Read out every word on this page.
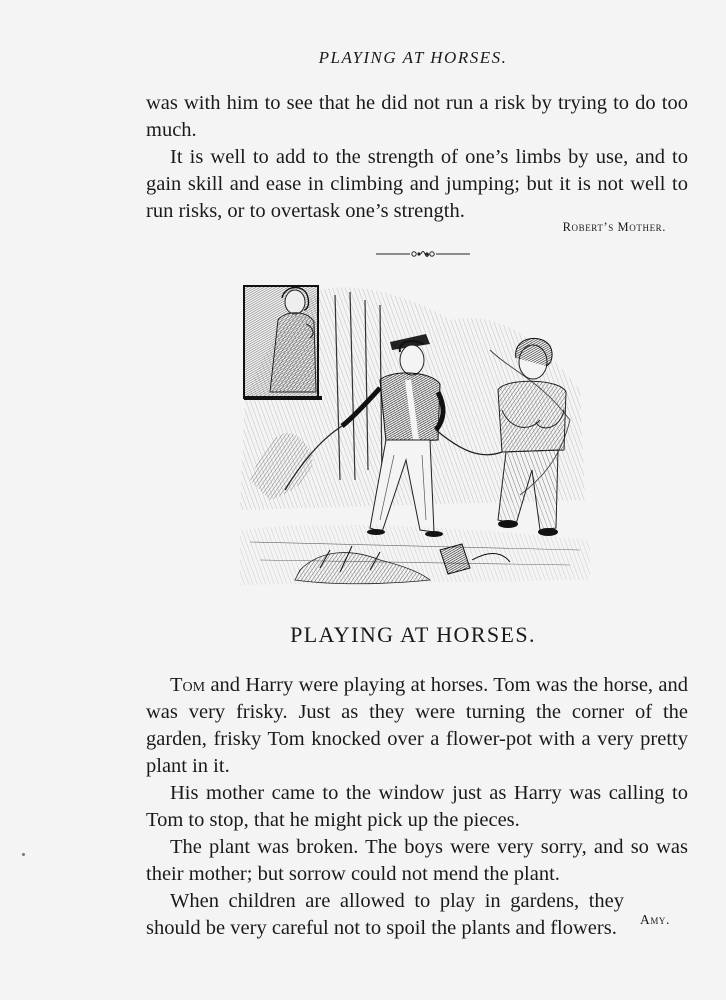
PLAYING AT HORSES.

was with him to see that he did not run a risk by trying to do too much.

It is well to add to the strength of one’s limbs by use, and to gain skill and ease in climbing and jumping; but it is not well to run risks, or to overtask one’s strength.

Robert’s Mother.
PLAYING AT HORSES.

Tom and Harry were playing at horses. Tom was the horse, and was very frisky. Just as they were turning the corner of the garden, frisky Tom knocked over a flower-pot with a very pretty plant in it.

His mother came to the window just as Harry was calling to Tom to stop, that he might pick up the pieces.

The plant was broken. The boys were very sorry, and so was their mother; but sorrow could not mend the plant.

When children are allowed to play in gardens, they should be very careful not to spoil the plants and flowers.	Amy.
